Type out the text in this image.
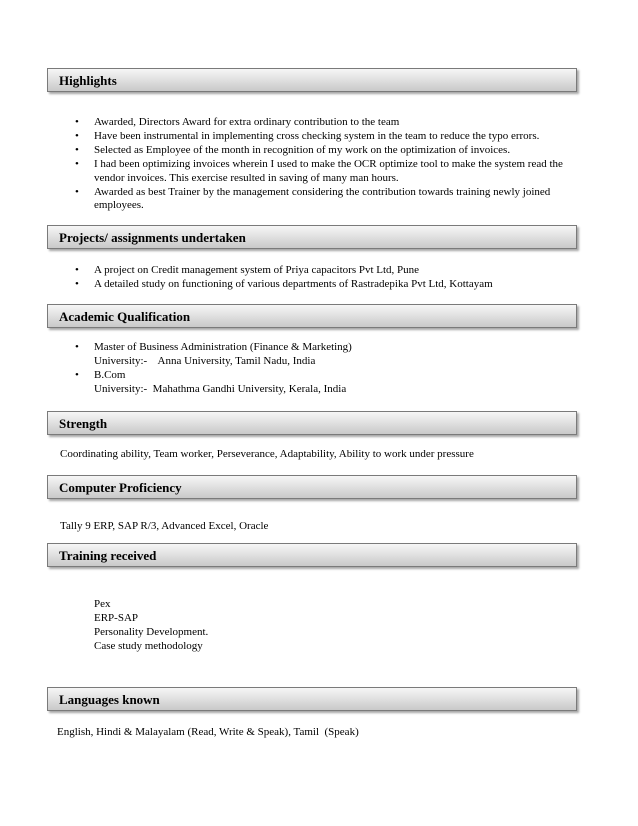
Highlights
• Awarded, Directors Award for extra ordinary contribution to the team
• Have been instrumental in implementing cross checking system in the team to reduce the typo errors.
• Selected as Employee of the month in recognition of my work on the optimization of invoices.
• I had been optimizing invoices wherein I used to make the OCR optimize tool to make the system read the vendor invoices. This exercise resulted in saving of many man hours.
• Awarded as best Trainer by the management considering the contribution towards training newly joined employees.
Projects/ assignments undertaken
• A project on Credit management system of Priya capacitors Pvt Ltd, Pune
• A detailed study on functioning of various departments of Rastradepika Pvt Ltd, Kottayam
Academic Qualification
• Master of Business Administration (Finance & Marketing)
University:-    Anna University, Tamil Nadu, India
• B.Com
University:-  Mahathma Gandhi University, Kerala, India
Strength
Coordinating ability, Team worker, Perseverance, Adaptability, Ability to work under pressure
Computer Proficiency
Tally 9 ERP, SAP R/3, Advanced Excel, Oracle
Training received
Pex
ERP-SAP
Personality Development.
Case study methodology
Languages known
English, Hindi & Malayalam (Read, Write & Speak), Tamil  (Speak)
